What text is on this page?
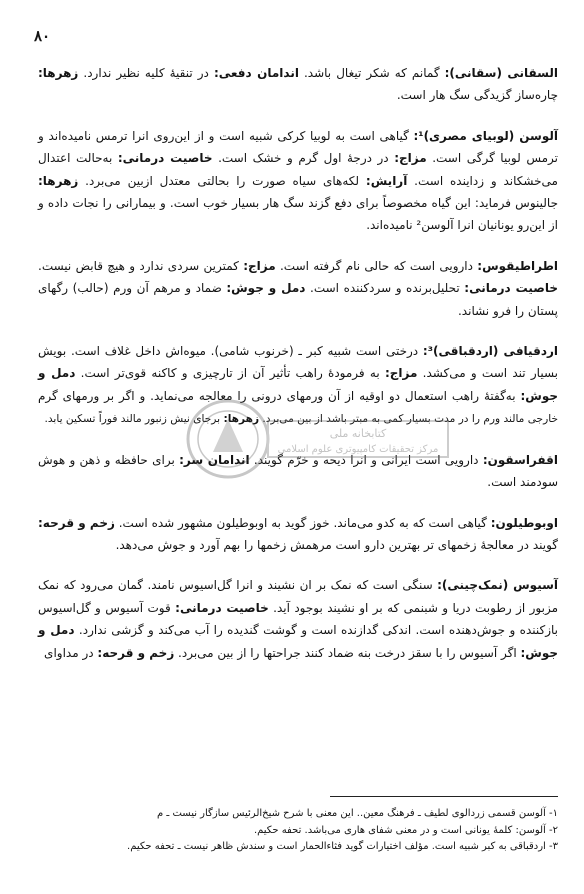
۸۰

السقانی (سقانی): گمانم که شکر تیغال باشد. اندامان دفعی: در تنقیهٔ کلیه نظیر ندارد. زهرها: چاره‌ساز گزیدگی سگ هار است.

آلوسن (لوبیای مصری)¹: گیاهی است به لوبیا کرکی شبیه است و از این‌روی انرا ترمس نامیده‌اند و ترمس لوبیا گرگی است. مزاج: در درجهٔ اول گرم و خشک است. خاصیت درمانی: به‌حالت اعتدال می‌خشکاند و زداینده است. آرایش: لکه‌های سیاه صورت را بحالتی معتدل ازبین می‌برد. زهرها: جالینوس فرماید: این گیاه مخصوصاً برای دفع گزند سگ هار بسیار خوب است. و بیمارانی را نجات داده و از این‌رو یونانیان انرا آلوسن² نامیده‌اند.

اطراطیقوس: دارویی است که حالی نام گرفته است. مزاج: کمترین سردی ندارد و هیچ قابض نیست. خاصیت درمانی: تحلیل‌برنده و سردکننده است. دمل و جوش: ضماد و مرهم آن ورم (حالب) رگهای پستان را فرو نشاند.

اردقیافی (اردقباقی)³: درختی است شبیه کبر ـ (خرنوب شامی). میوه‌اش داخل غلاف است. بویش بسیار تند است و می‌کشد. مزاج: به فرمودهٔ راهب تأثیر آن از تارچیزی و کاکنه قوی‌تر است. دمل و جوش: به‌گفتهٔ راهب استعمال دو اوقیه از آن ورمهای درونی را معالجه می‌نماید. و اگر بر ورمهای گرم خارجی مالند ورم را در مدت بسیار کمی به مبتر باشد از بین می‌برد. زهرها: برجای نیش زنبور مالند فوراً تسکین یابد.

اقفراسقون: دارویی است ایرانی و انرا دیحه و خرّم گویند. اندامان سر: برای حافظه و ذهن و هوش سودمند است.

اوبوطیلون: گیاهی است که به کدو می‌ماند. خوز گوید به اوبوطیلون مشهور شده است. زخم و قرحه: گویند در معالجهٔ زخمهای تر بهترین دارو است مرهمش زخمها را بهم آورد و جوش می‌دهد.

آسیوس (نمک‌چینی): سنگی است که نمک بر ان نشیند و انرا گل‌اسیوس نامند. گمان می‌رود که نمک مزبور از رطوبت دریا و شبنمی که بر او نشیند بوجود آید. خاصیت درمانی: قوت آسیوس و گل‌اسیوس بازکننده و جوش‌دهنده است. اندکی گدازنده است و گوشت گندیده را آب می‌کند و گزشی ندارد. دمل و جوش: اگر آسیوس را با سقز درخت بنه ضماد کنند جراحتها را از بین می‌برد. زخم و قرحه: در مداوای

۱- آلوسن قسمی زردالوی لطیف ـ فرهنگ معین.. این معنی با شرح شیخ‌الرئیس سازگار نیست ـ م
۲- آلوسن: کلمهٔ یونانی است و در معنی شفای هاری می‌باشد. تحفه حکیم.
۳- اردقباقی به کبر شبیه است. مؤلف اختیارات گوید فثاءالحمار است و سندش ظاهر نیست ـ تحفه حکیم.
کتابخانه ملی
مرکز تحقیقات کامپیوتری علوم اسلامی
